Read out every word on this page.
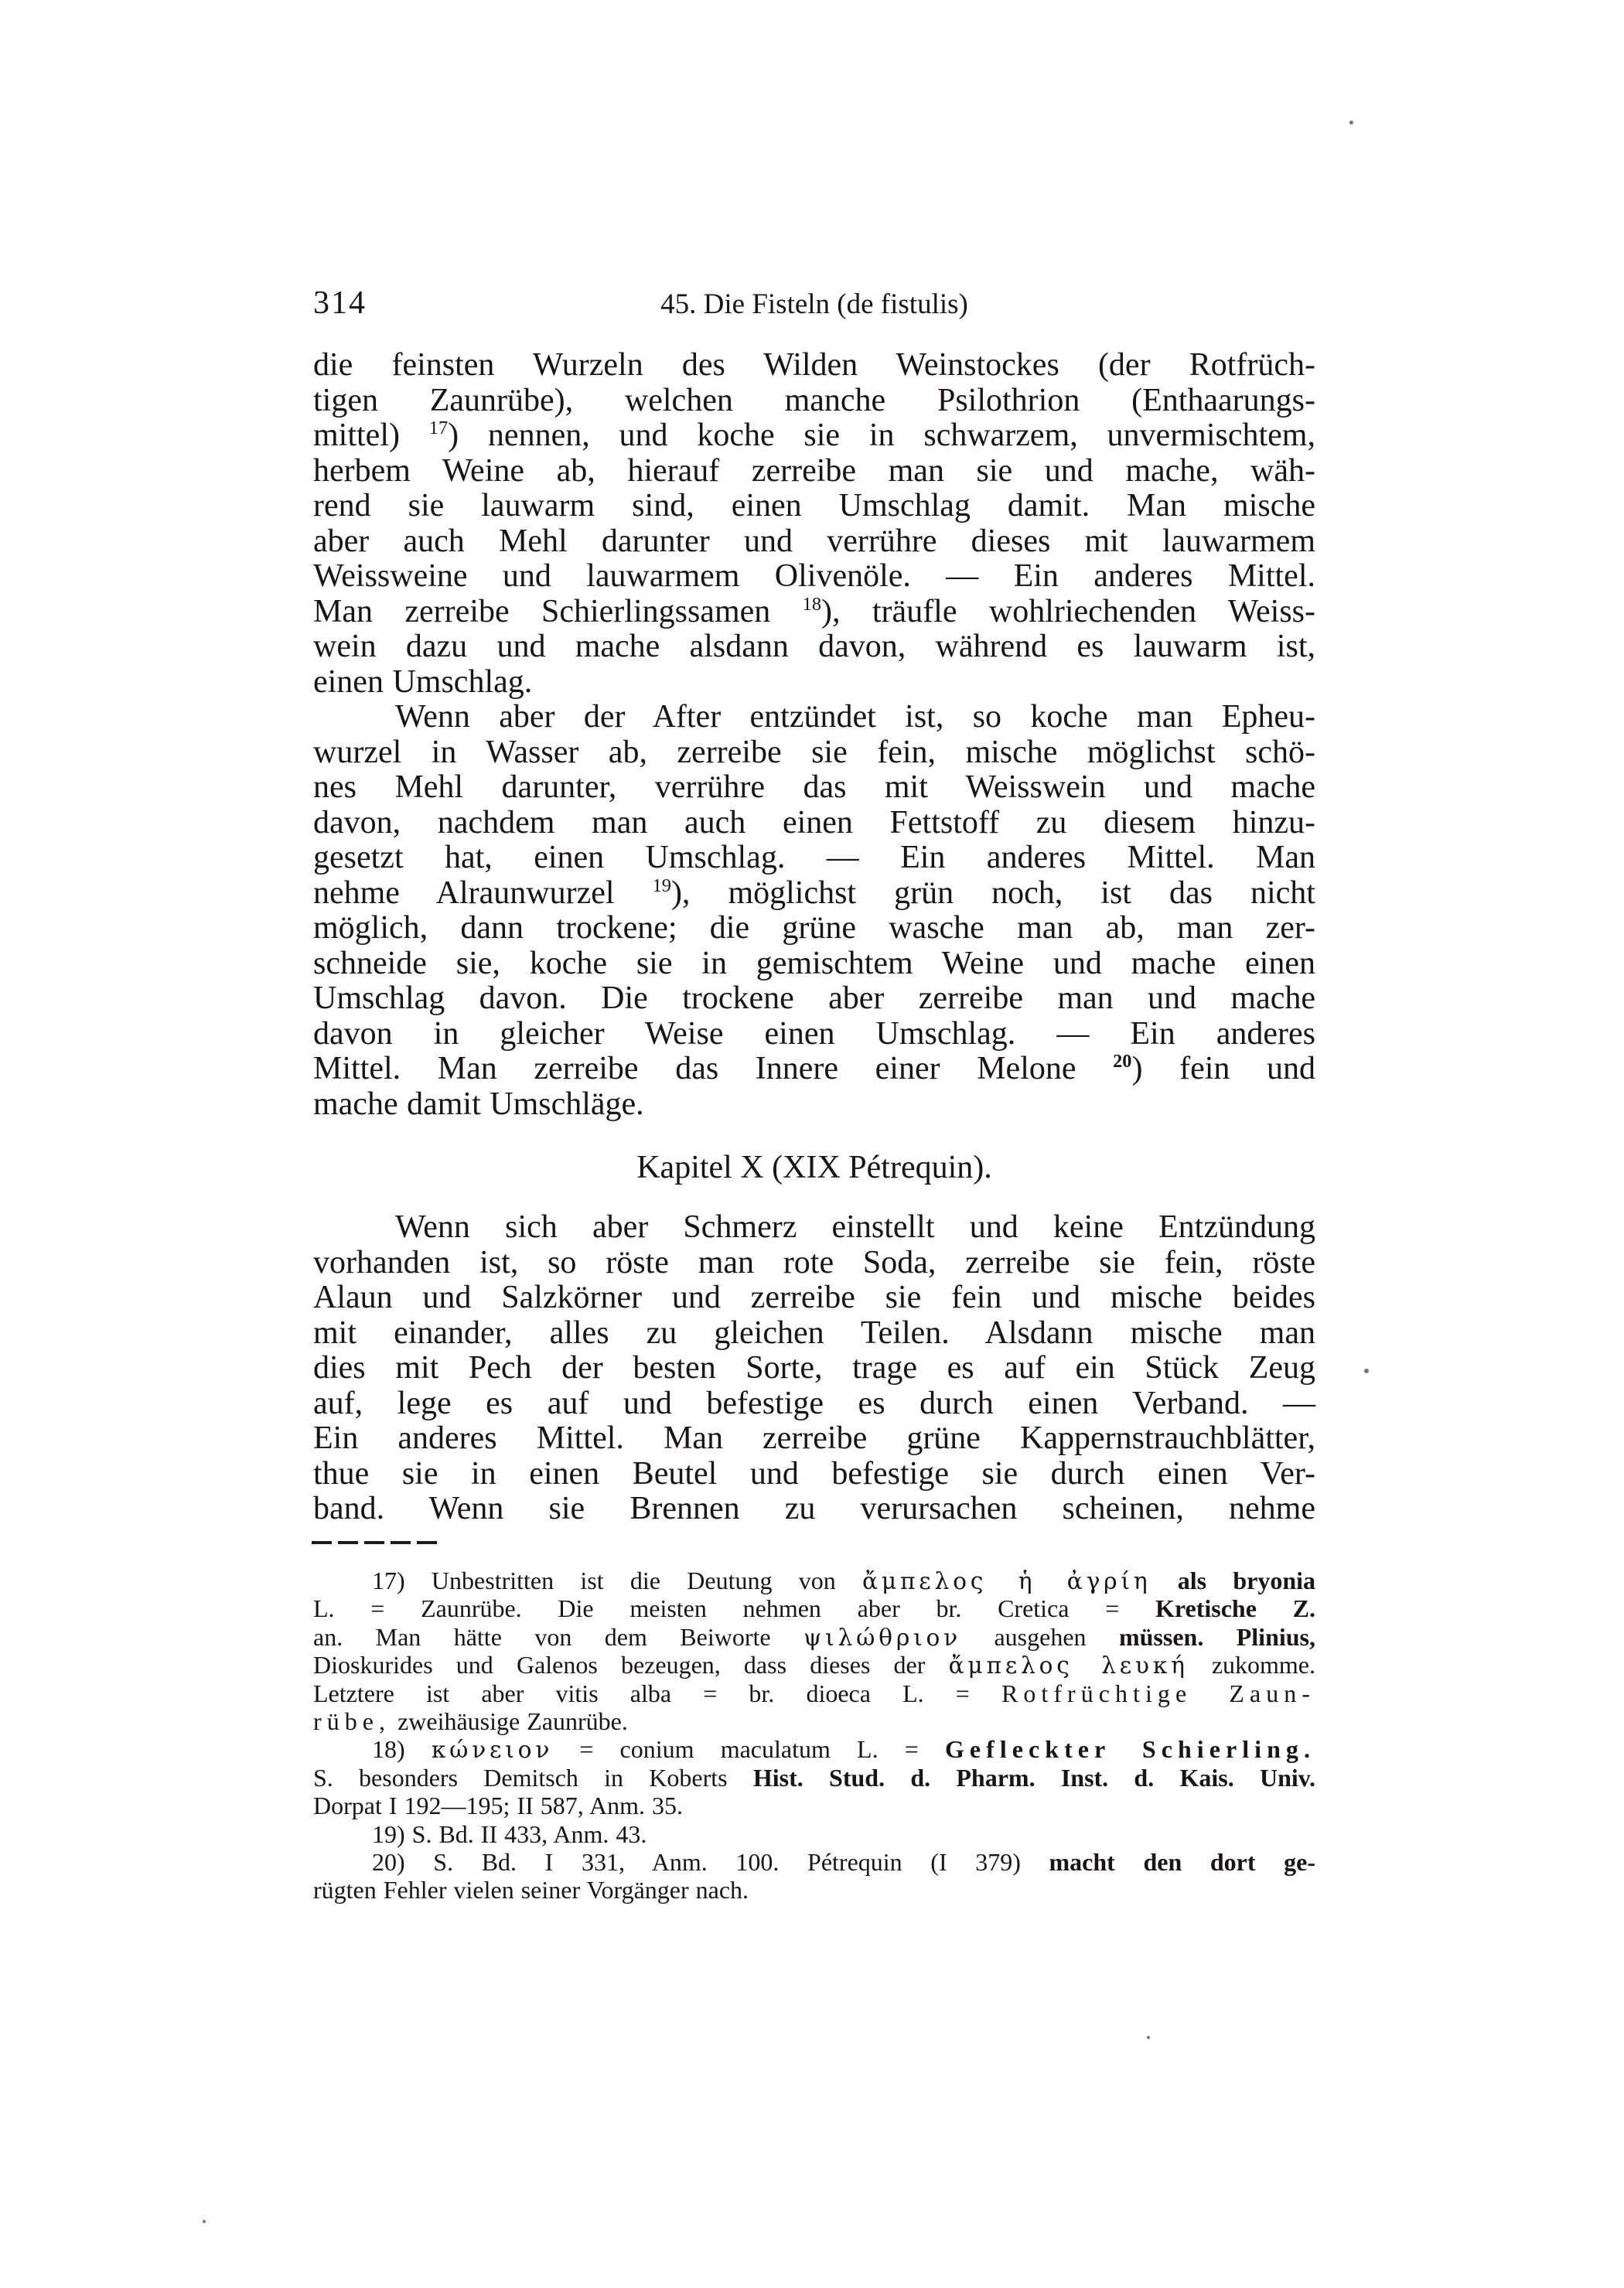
314	45. Die Fisteln (de fistulis)
die feinsten Wurzeln des Wilden Weinstockes (der Rotfrüch-
tigen Zaunrübe), welchen manche Psilothrion (Enthaarungs-
mittel) $^{17}$) nennen, und koche sie in schwarzem, unvermischtem,
herbem Weine ab, hierauf zerreibe man sie und mache, wäh-
rend sie lauwarm sind, einen Umschlag damit. Man mische
aber auch Mehl darunter und verrühre dieses mit lauwarmem
Weissweine und lauwarmem Olivenöle. — Ein anderes Mittel.
Man zerreibe Schierlingssamen $^{18}$), träufle wohlriechenden Weiss-
wein dazu und mache alsdann davon, während es lauwarm ist,
einen Umschlag.
Wenn aber der After entzündet ist, so koche man Epheu-
wurzel in Wasser ab, zerreibe sie fein, mische möglichst schö-
nes Mehl darunter, verrühre das mit Weisswein und mache
davon, nachdem man auch einen Fettstoff zu diesem hinzu-
gesetzt hat, einen Umschlag. — Ein anderes Mittel. Man
nehme Alraunwurzel $^{19}$), möglichst grün noch, ist das nicht
möglich, dann trockene; die grüne wasche man ab, man zer-
schneide sie, koche sie in gemischtem Weine und mache einen
Umschlag davon. Die trockene aber zerreibe man und mache
davon in gleicher Weise einen Umschlag. — Ein anderes
Mittel. Man zerreibe das Innere einer Melone $^{20}$) fein und
mache damit Umschläge.
Kapitel X (XIX Pétrequin).
Wenn sich aber Schmerz einstellt und keine Entzündung
vorhanden ist, so röste man rote Soda, zerreibe sie fein, röste
Alaun und Salzkörner und zerreibe sie fein und mische beides
mit einander, alles zu gleichen Teilen. Alsdann mische man
dies mit Pech der besten Sorte, trage es auf ein Stück Zeug
auf, lege es auf und befestige es durch einen Verband. —
Ein anderes Mittel. Man zerreibe grüne Kappernstrauchblätter,
thue sie in einen Beutel und befestige sie durch einen Ver-
band. Wenn sie Brennen zu verursachen scheinen, nehme
17) Unbestritten ist die Deutung von ἄμπελος ἡ ἀγρίη als bryonia
L. = Zaunrübe. Die meisten nehmen aber br. Cretica = Kretische Z.
an. Man hätte von dem Beiworte ψιλώθριον ausgehen müssen. Plinius,
Dioskurides und Galenos bezeugen, dass dieses der ἄμπελος λευκή zukomme.
Letztere ist aber vitis alba = br. dioeca L. = Rotfrüchtige Zaun-
rübe, zweihäusige Zaunrübe.
18) κώνειον = conium maculatum L. = Gefleckter Schierling.
S. besonders Demitsch in Koberts Hist. Stud. d. Pharm. Inst. d. Kais. Univ.
Dorpat I 192—195; II 587, Anm. 35.
19) S. Bd. II 433, Anm. 43.
20) S. Bd. I 331, Anm. 100. Pétrequin (I 379) macht den dort ge-
rügten Fehler vielen seiner Vorgänger nach.
